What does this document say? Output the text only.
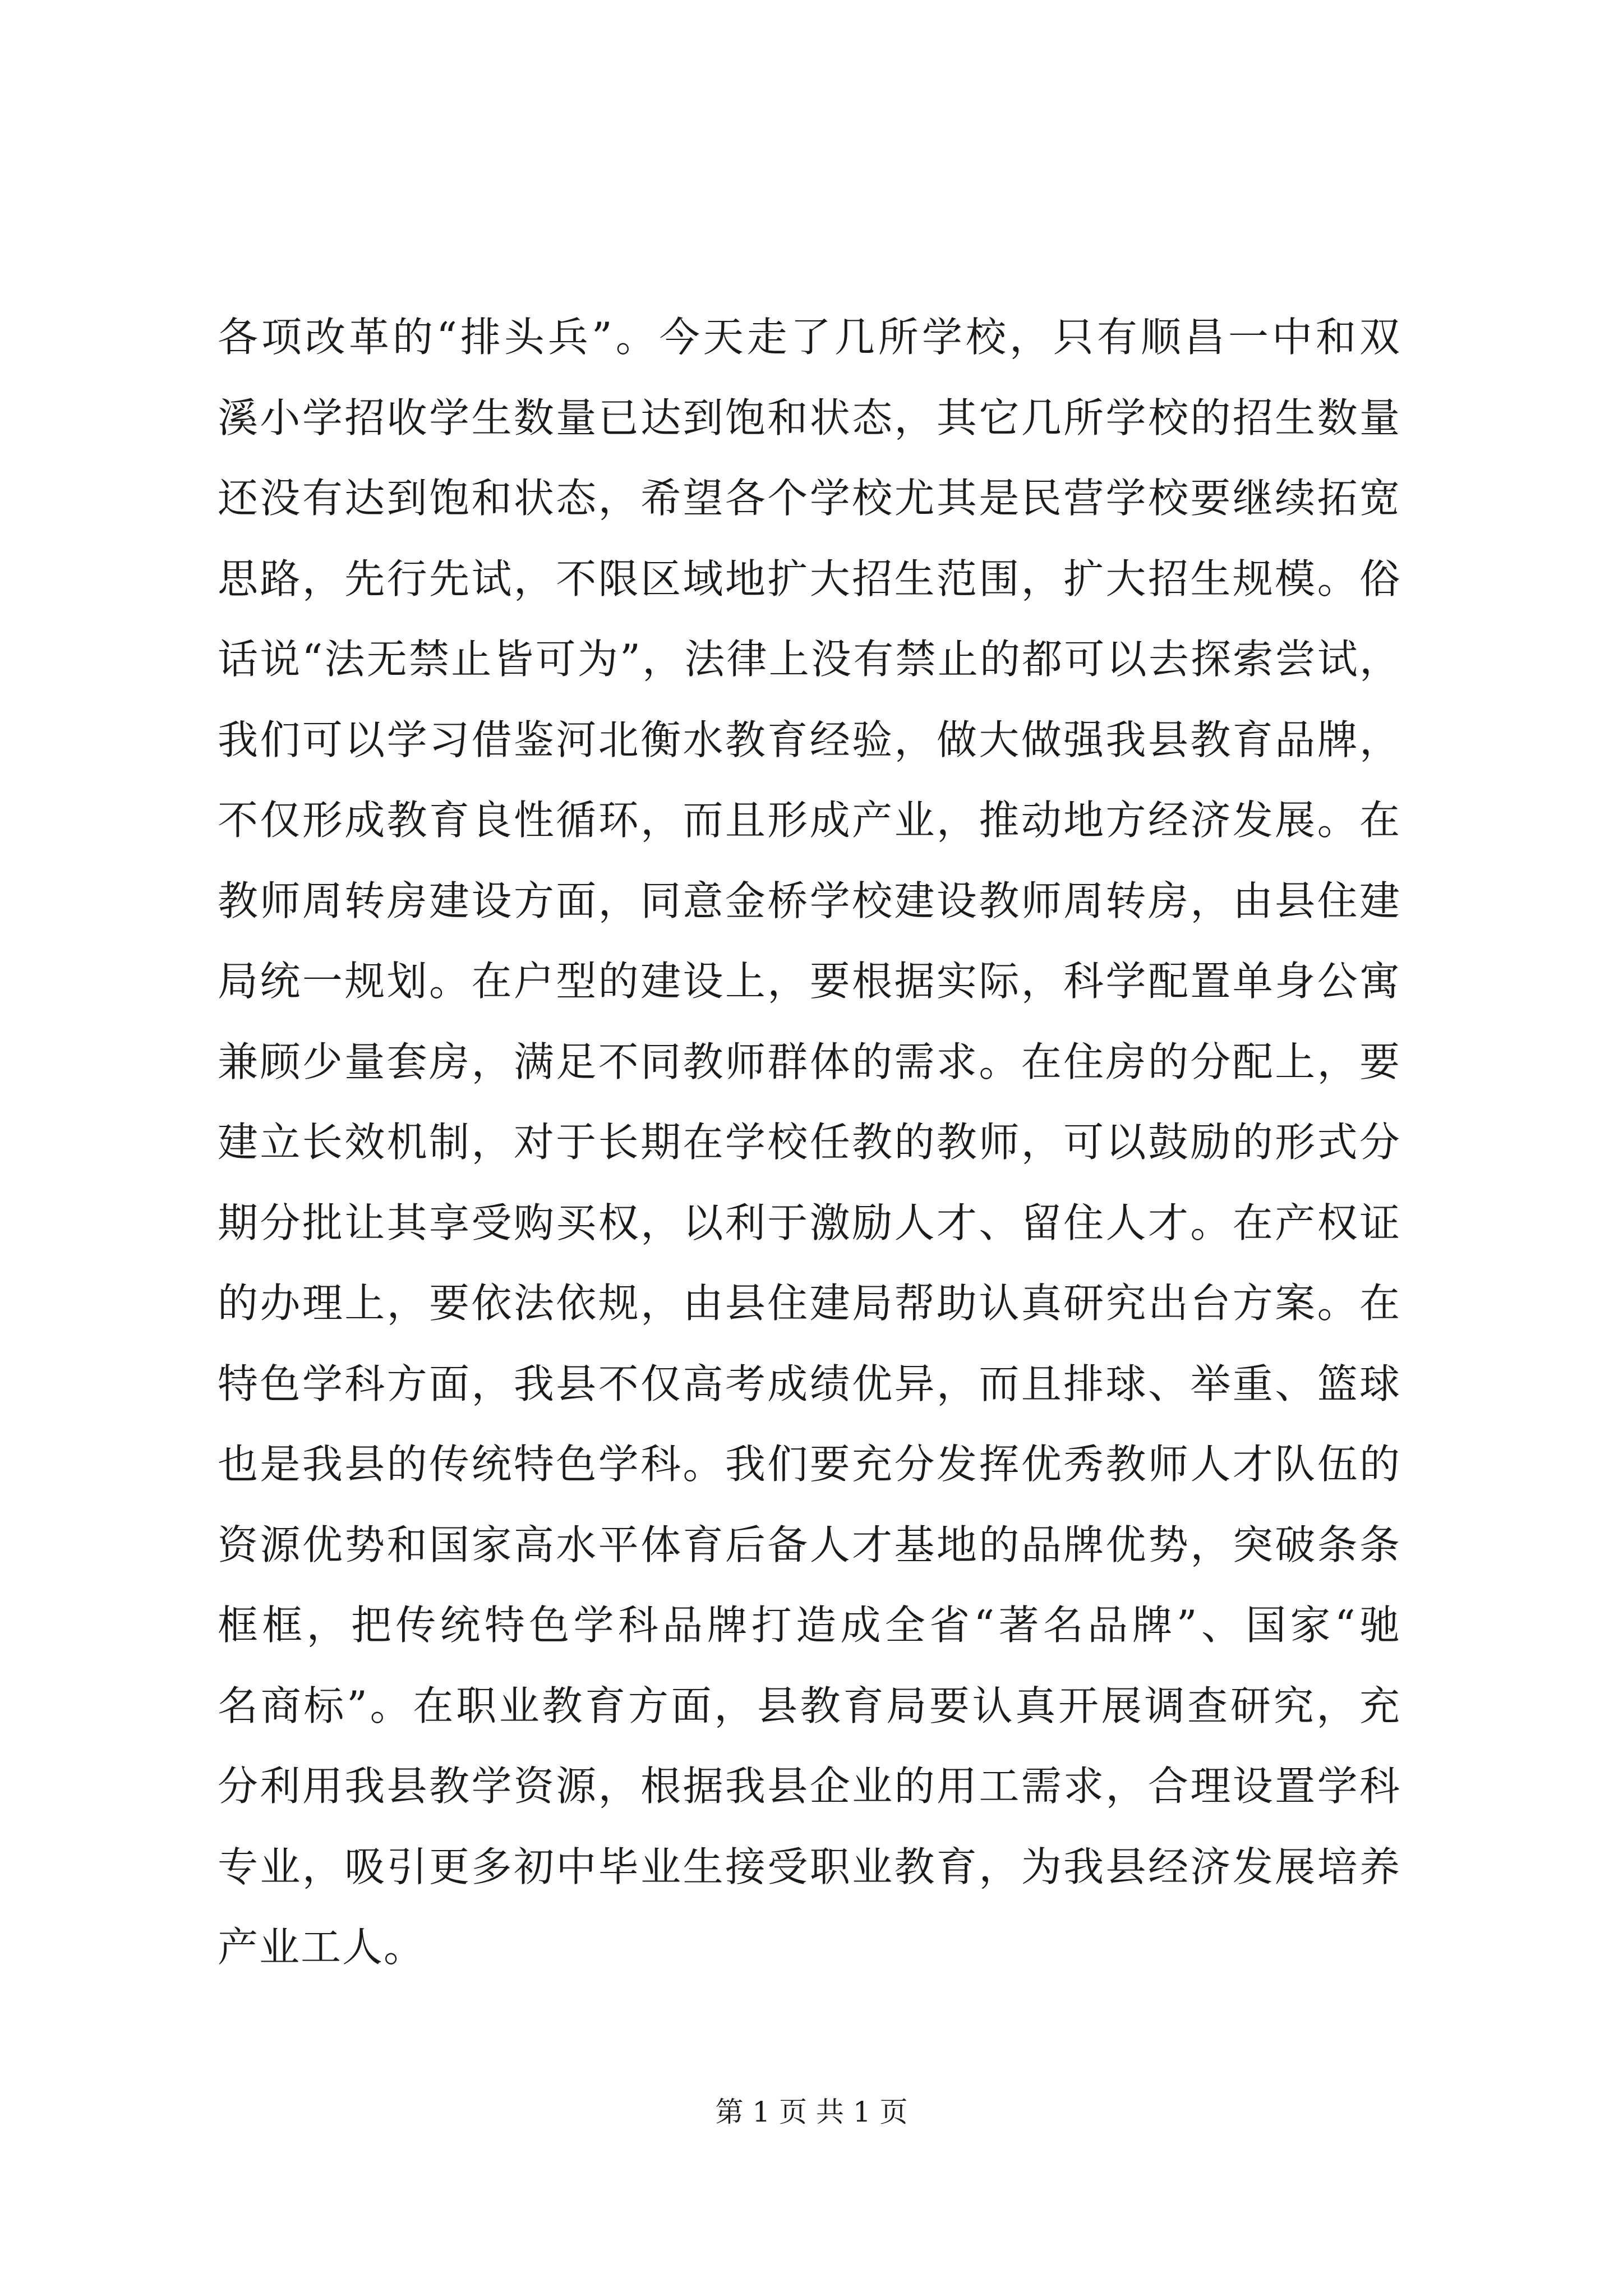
各项改革的“排头兵”。今天走了几所学校，只有顺昌一中和双
溪小学招收学生数量已达到饱和状态，其它几所学校的招生数量
还没有达到饱和状态，希望各个学校尤其是民营学校要继续拓宽
思路，先行先试，不限区域地扩大招生范围，扩大招生规模。俗
话说“法无禁止皆可为”，法律上没有禁止的都可以去探索尝试，
我们可以学习借鉴河北衡水教育经验，做大做强我县教育品牌，
不仅形成教育良性循环，而且形成产业，推动地方经济发展。在
教师周转房建设方面，同意金桥学校建设教师周转房，由县住建
局统一规划。在户型的建设上，要根据实际，科学配置单身公寓
兼顾少量套房，满足不同教师群体的需求。在住房的分配上，要
建立长效机制，对于长期在学校任教的教师，可以鼓励的形式分
期分批让其享受购买权，以利于激励人才、留住人才。在产权证
的办理上，要依法依规，由县住建局帮助认真研究出台方案。在
特色学科方面，我县不仅高考成绩优异，而且排球、举重、篮球
也是我县的传统特色学科。我们要充分发挥优秀教师人才队伍的
资源优势和国家高水平体育后备人才基地的品牌优势，突破条条
框框，把传统特色学科品牌打造成全省“著名品牌”、国家“驰
名商标”。在职业教育方面，县教育局要认真开展调查研究，充
分利用我县教学资源，根据我县企业的用工需求，合理设置学科
专业，吸引更多初中毕业生接受职业教育，为我县经济发展培养
产业工人。
第 1 页 共 1 页
